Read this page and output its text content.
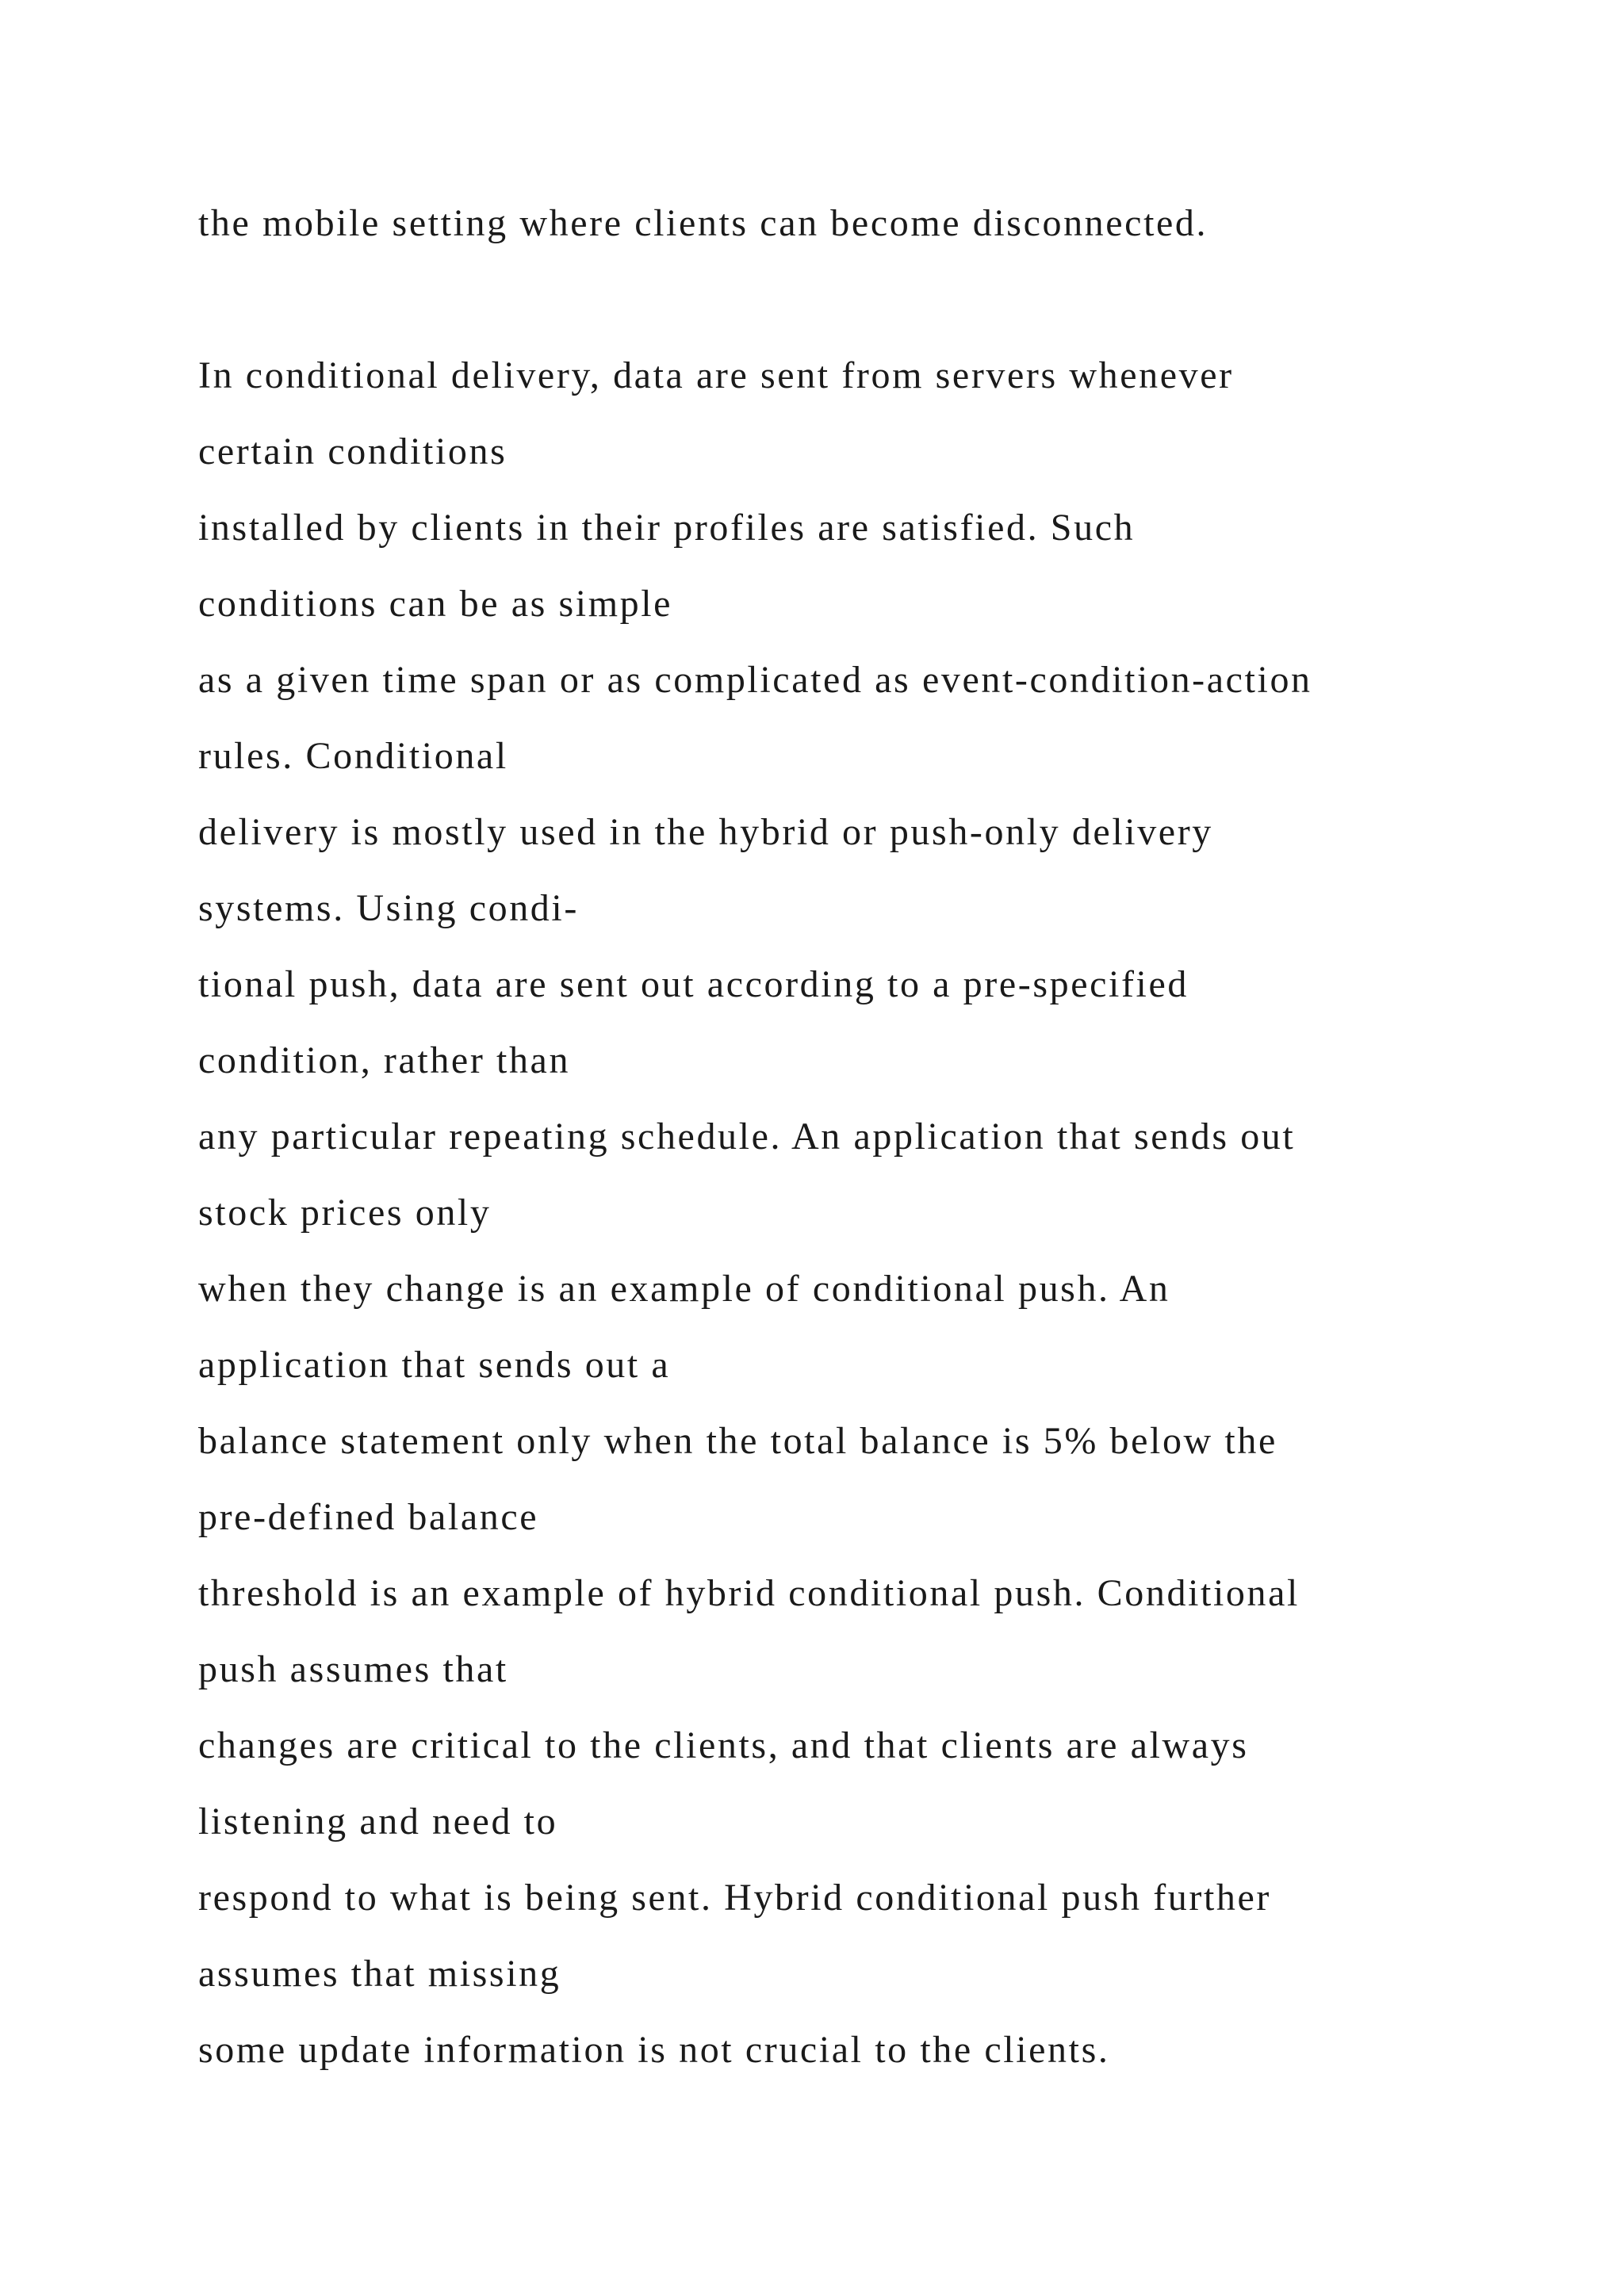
the mobile setting where clients can become disconnected.
In conditional delivery, data are sent from servers whenever
certain conditions
installed by clients in their profiles are satisfied. Such
conditions can be as simple
as a given time span or as complicated as event-condition-action
rules. Conditional
delivery is mostly used in the hybrid or push-only delivery
systems. Using condi-
tional push, data are sent out according to a pre-specified
condition, rather than
any particular repeating schedule. An application that sends out
stock prices only
when they change is an example of conditional push. An
application that sends out a
balance statement only when the total balance is 5% below the
pre-defined balance
threshold is an example of hybrid conditional push. Conditional
push assumes that
changes are critical to the clients, and that clients are always
listening and need to
respond to what is being sent. Hybrid conditional push further
assumes that missing
some update information is not crucial to the clients.
